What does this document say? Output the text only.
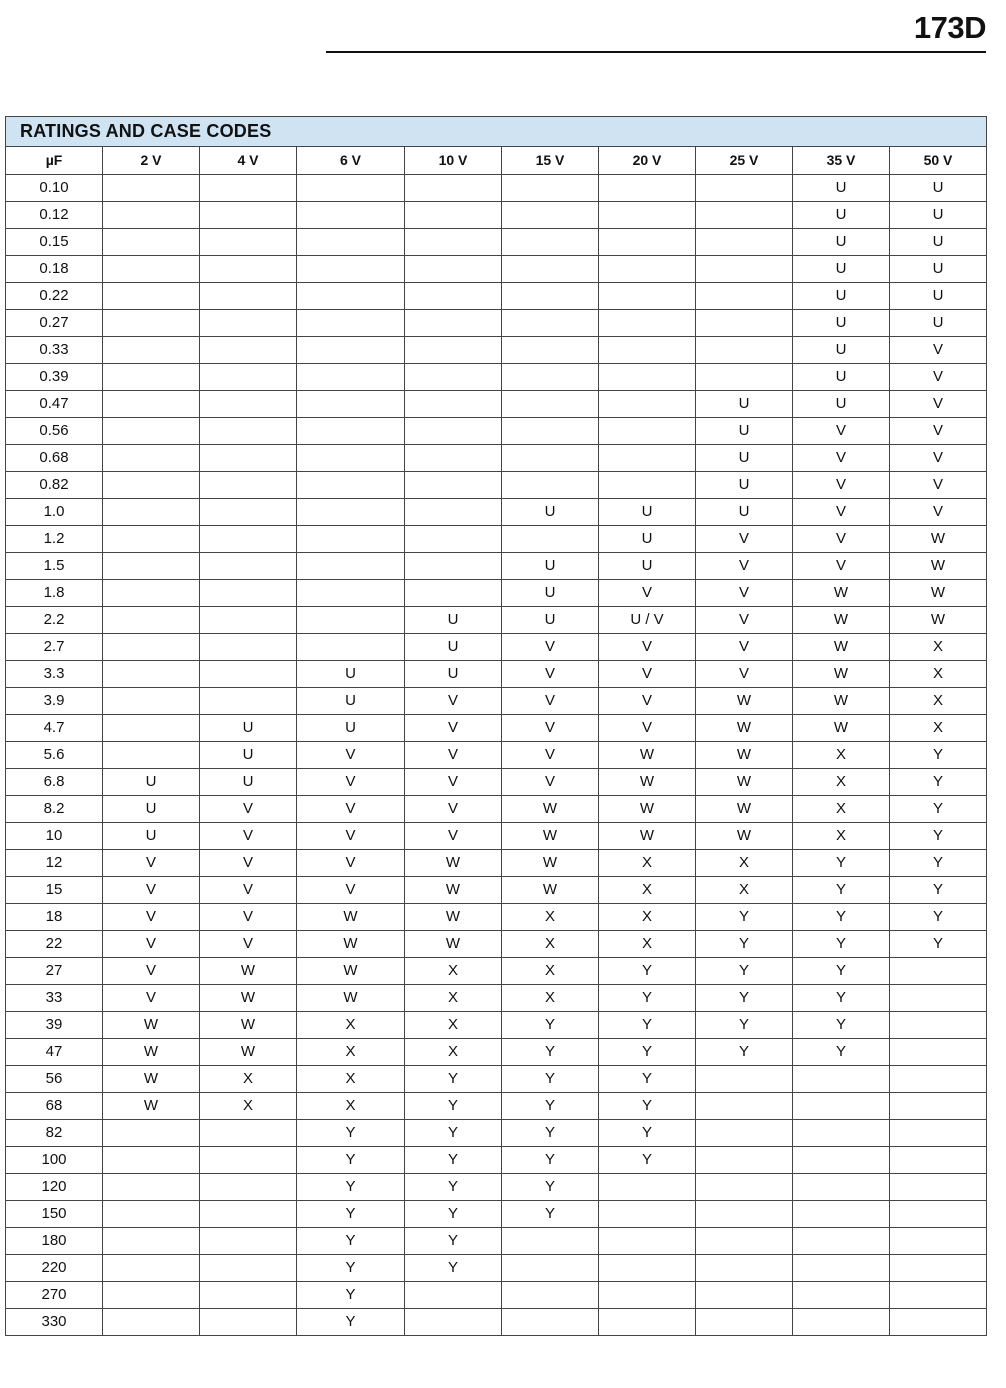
173D
RATINGS AND CASE CODES									
µF	2 V	4 V	6 V	10 V	15 V	20 V	25 V	35 V	50 V
0.10								U	U
0.12								U	U
0.15								U	U
0.18								U	U
0.22								U	U
0.27								U	U
0.33								U	V
0.39								U	V
0.47							U	U	V
0.56							U	V	V
0.68							U	V	V
0.82							U	V	V
1.0					U	U	U	V	V
1.2						U	V	V	W
1.5					U	U	V	V	W
1.8					U	V	V	W	W
2.2				U	U	U / V	V	W	W
2.7				U	V	V	V	W	X
3.3			U	U	V	V	V	W	X
3.9			U	V	V	V	W	W	X
4.7		U	U	V	V	V	W	W	X
5.6		U	V	V	V	W	W	X	Y
6.8	U	U	V	V	V	W	W	X	Y
8.2	U	V	V	V	W	W	W	X	Y
10	U	V	V	V	W	W	W	X	Y
12	V	V	V	W	W	X	X	Y	Y
15	V	V	V	W	W	X	X	Y	Y
18	V	V	W	W	X	X	Y	Y	Y
22	V	V	W	W	X	X	Y	Y	Y
27	V	W	W	X	X	Y	Y	Y	
33	V	W	W	X	X	Y	Y	Y	
39	W	W	X	X	Y	Y	Y	Y	
47	W	W	X	X	Y	Y	Y	Y	
56	W	X	X	Y	Y	Y			
68	W	X	X	Y	Y	Y			
82			Y	Y	Y	Y			
100			Y	Y	Y	Y			
120			Y	Y	Y				
150			Y	Y	Y				
180			Y	Y					
220			Y	Y					
270			Y						
330			Y						
